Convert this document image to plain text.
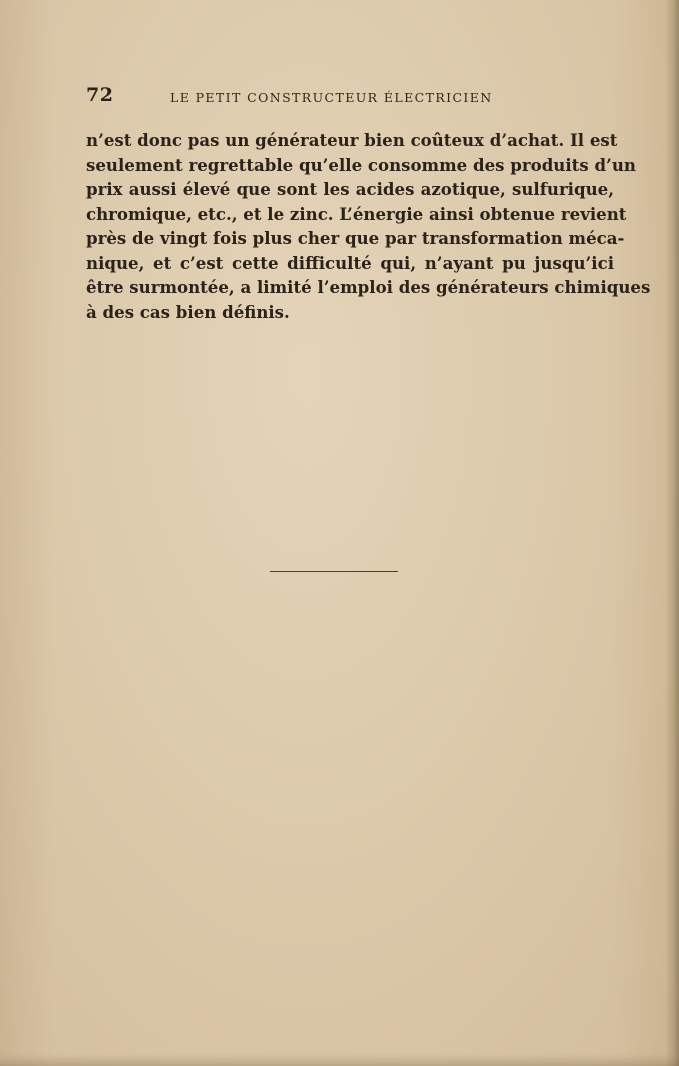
72	LE PETIT CONSTRUCTEUR ÉLECTRICIEN

n’est donc pas un générateur bien coûteux d’achat. Il est
seulement regrettable qu’elle consomme des produits d’un
prix aussi élevé que sont les acides azotique, sulfurique,
chromique, etc., et le zinc. L’énergie ainsi obtenue revient
près de vingt fois plus cher que par transformation méca-
nique, et c’est cette difficulté qui, n’ayant pu jusqu’ici
être surmontée, a limité l’emploi des générateurs chimiques
à des cas bien définis.
